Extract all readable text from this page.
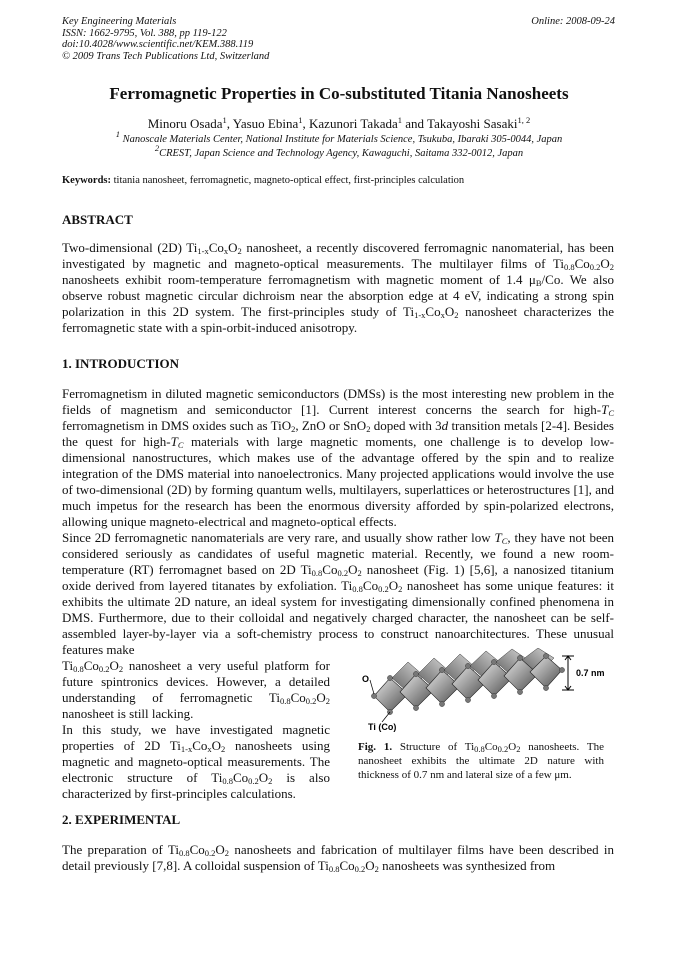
Key Engineering Materials
ISSN: 1662-9795, Vol. 388, pp 119-122
doi:10.4028/www.scientific.net/KEM.388.119
© 2009 Trans Tech Publications Ltd, Switzerland
Online: 2008-09-24
Ferromagnetic Properties in Co-substituted Titania Nanosheets
Minoru Osada$^1$, Yasuo Ebina$^1$, Kazunori Takada$^1$ and Takayoshi Sasaki$^{1, 2}$
$^1$ Nanoscale Materials Center, National Institute for Materials Science, Tsukuba, Ibaraki 305-0044, Japan
$^2$CREST, Japan Science and Technology Agency, Kawaguchi, Saitama 332-0012, Japan
Keywords: titania nanosheet, ferromagnetic, magneto-optical effect, first-principles calculation
ABSTRACT

Two-dimensional (2D) $Ti_{1-x}Co_xO_2$ nanosheet, a recently discovered ferromagnic nanomaterial, has been investigated by magnetic and magneto-optical measurements. The multilayer films of $Ti_{0.8}Co_{0.2}O_2$ nanosheets exhibit room-temperature ferromagnetism with magnetic moment of 1.4 $\mu_B/Co$. We also observe robust magnetic circular dichroism near the absorption edge at 4 eV, indicating a strong spin polarization in this 2D system. The first-principles study of $Ti_{1-x}Co_xO_2$ nanosheet characterizes the ferromagnetic state with a spin-orbit-induced anisotropy.

1. INTRODUCTION

Ferromagnetism in diluted magnetic semiconductors (DMSs) is the most interesting new problem in the fields of magnetism and semiconductor [1]. Current interest concerns the search for high-$T_C$ ferromagnetism in DMS oxides such as TiO$_2$, ZnO or SnO$_2$ doped with 3d transition metals [2-4]. Besides the quest for high-$T_C$ materials with large magnetic moments, one challenge is to develop low-dimensional nanostructures, which makes use of the advantage offered by the spin and to realize integration of the DMS material into nanoelectronics. Many projected applications would involve the use of two-dimensional (2D) by forming quantum wells, multilayers, superlattices or heterostructures [1], and much impetus for the research has been the enormous diversity afforded by spin-polarized electrons, allowing unique magneto-electrical and magneto-optical effects.

Since 2D ferromagnetic nanomaterials are very rare, and usually show rather low $T_C$, they have not been considered seriously as candidates of useful magnetic material. Recently, we found a new room-temperature (RT) ferromagnet based on 2D $Ti_{0.8}Co_{0.2}O_2$ nanosheet (Fig. 1) [5,6], a nanosized titanium oxide derived from layered titanates by exfoliation. $Ti_{0.8}Co_{0.2}O_2$ nanosheet has some unique features: it exhibits the ultimate 2D nature, an ideal system for investigating dimensionally confined phenomena in DMS. Furthermore, due to their colloidal and negatively charged character, the nanosheet can be self-assembled layer-by-layer via a soft-chemistry process to construct nanoarchitectures. These unusual features make

$Ti_{0.8}Co_{0.2}O_2$ nanosheet a very useful platform for future spintronics devices. However, a detailed understanding of ferromagnetic $Ti_{0.8}Co_{0.2}O_2$ nanosheet is still lacking.

In this study, we have investigated magnetic properties of 2D $Ti_{1-x}Co_xO_2$ nanosheets using magnetic and magneto-optical measurements. The electronic structure of $Ti_{0.8}Co_{0.2}O_2$ is also characterized by first-principles calculations.

0.7 nm
O
Ti (Co)
Fig. 1. Structure of $Ti_{0.8}Co_{0.2}O_2$ nanosheets. The nanosheet exhibits the ultimate 2D nature with thickness of 0.7 nm and lateral size of a few μm.
2. EXPERIMENTAL

The preparation of $Ti_{0.8}Co_{0.2}O_2$ nanosheets and fabrication of multilayer films have been described in detail previously [7,8]. A colloidal suspension of $Ti_{0.8}Co_{0.2}O_2$ nanosheets was synthesized from
